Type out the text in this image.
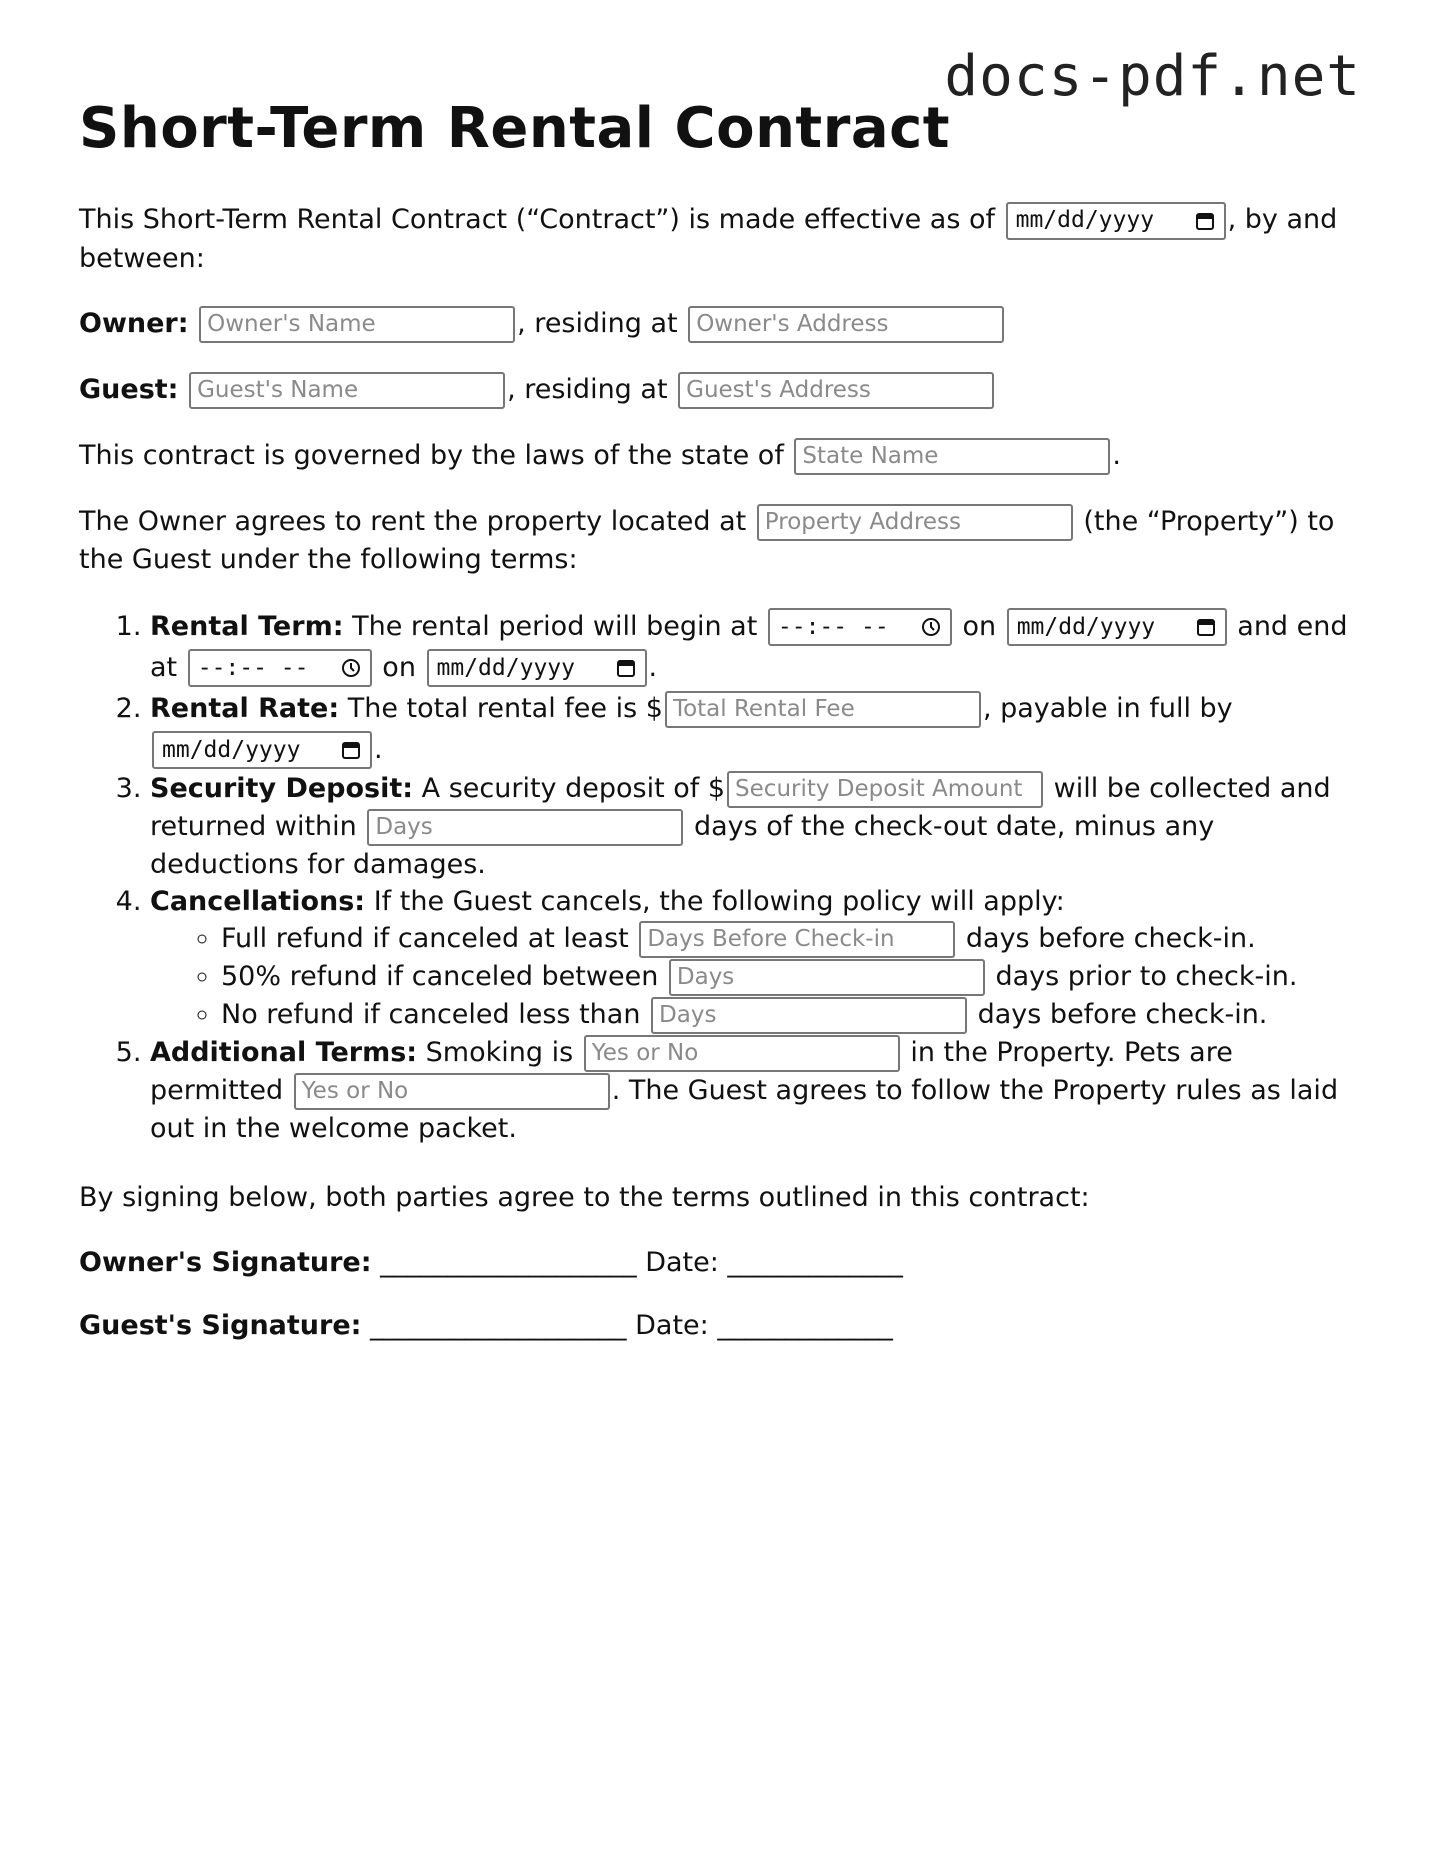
docs-pdf.net
Short-Term Rental Contract

This Short-Term Rental Contract (“Contract”) is made effective as of mm/dd/yyyy	, by and between:

Owner: Owner's Name	, residing at Owner's Address

Guest: Guest's Name	, residing at Guest's Address

This contract is governed by the laws of the state of State Name	.

The Owner agrees to rent the property located at Property Address	(the “Property”) to the Guest under the following terms:

1. Rental Term: The rental period will begin at --:-- -- on mm/dd/yyyy	and end at --:-- -- on mm/dd/yyyy	.
2. Rental Rate: The total rental fee is $Total Rental Fee	, payable in full by
mm/dd/yyyy	.
3. Security Deposit: A security deposit of $Security Deposit Amount	will be collected and returned within Days	days of the check-out date, minus any deductions for damages.
4. Cancellations: If the Guest cancels, the following policy will apply:
◦ Full refund if canceled at least Days Before Check-in	days before check-in.
◦ 50% refund if canceled between Days	days prior to check-in.
◦ No refund if canceled less than Days	days before check-in.
5. Additional Terms: Smoking is Yes or No	in the Property. Pets are permitted Yes or No	. The Guest agrees to follow the Property rules as laid out in the welcome packet.

By signing below, both parties agree to the terms outlined in this contract:

Owner's Signature: ___________________ Date: _____________
Guest's Signature: ___________________ Date: _____________
